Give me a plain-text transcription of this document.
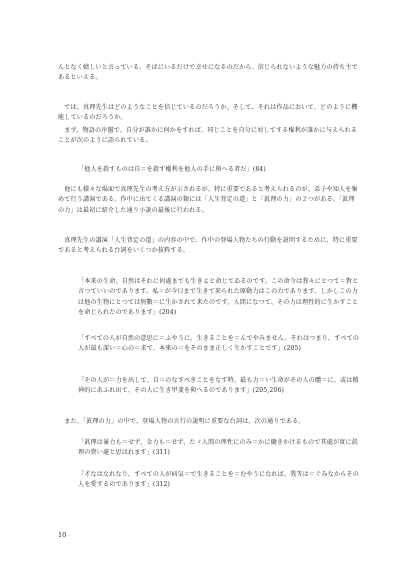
んとなく嬉しいと言っている。そばにいるだけで幸せになるのだから、信じられないような魅力の持ち主であるといえる。

　では、真理先生はどのようなことを信じているのだろうか。そして、それは作品において、どのように機能しているのだろうか。

　まず、物語の序盤で、自分が誰かに何かをすれば、同じことを自分に対してする権利が誰かに与えられることが次のように語られている。

「他人を殺すものは自＝を殺す權利を他人の手に與へる者だ」(84)

　他にも様々な場面で真理先生の考え方が示されるが、特に重要であると考えられるのが、弟子や知人を集めて行う講演である。作中に出てくる講演の類には「人生背定の道」と「眞理の力」の２つがある。「眞理の力」は最初に紹介した通り小説の最後に行われる。

　真理先生の講演「人生背定の道」の内容の中で、作中の登場人物たちの行動を説明するために、特に重要であると考えられる台詞をいくつか抜粋する。

「本来の生命、自然はそれに何處までも生きよと命じてゐるのです。この命令は我々にとつて＝對と言つていいのであります。私＝が今日まで生きて来られた原動力はこの力であります。しかしこの力は他の生物にとつては無數＝に生かされて来たのです。人間になつて、その力は理性的に生かすことを命じられたのであります」(204)

「すべての人が自然の意思に＝ふやうに、生きることを＝んでやみません。それはつまり、すべての人が最も深い＝心の＝求で、本來の＝をそのまま正しく生かすことです」(205)

「その人が＝力を出して、自＝のなすべきことをなす時、最も力＝い生命がその人の體＝に、或は精神的にあふれ出て、その人に生き甲斐を與へるのであります」(205,206)

　また、「眞理の力」の中で、登場人物の言行の説明に重要な台詞は、次の通りである。

「眞理は暴力も＝せず、金力も＝せず、たゞ人間の理性にのみ＝かに働きかけるもので其處が實に眞理の貴い處と思はれます」(311)

「才なはなれなり、すべての人が病気＝で生きることを＝むやうになれば、我等は＝ぐみなからその人を愛するのであります」(312)

10
